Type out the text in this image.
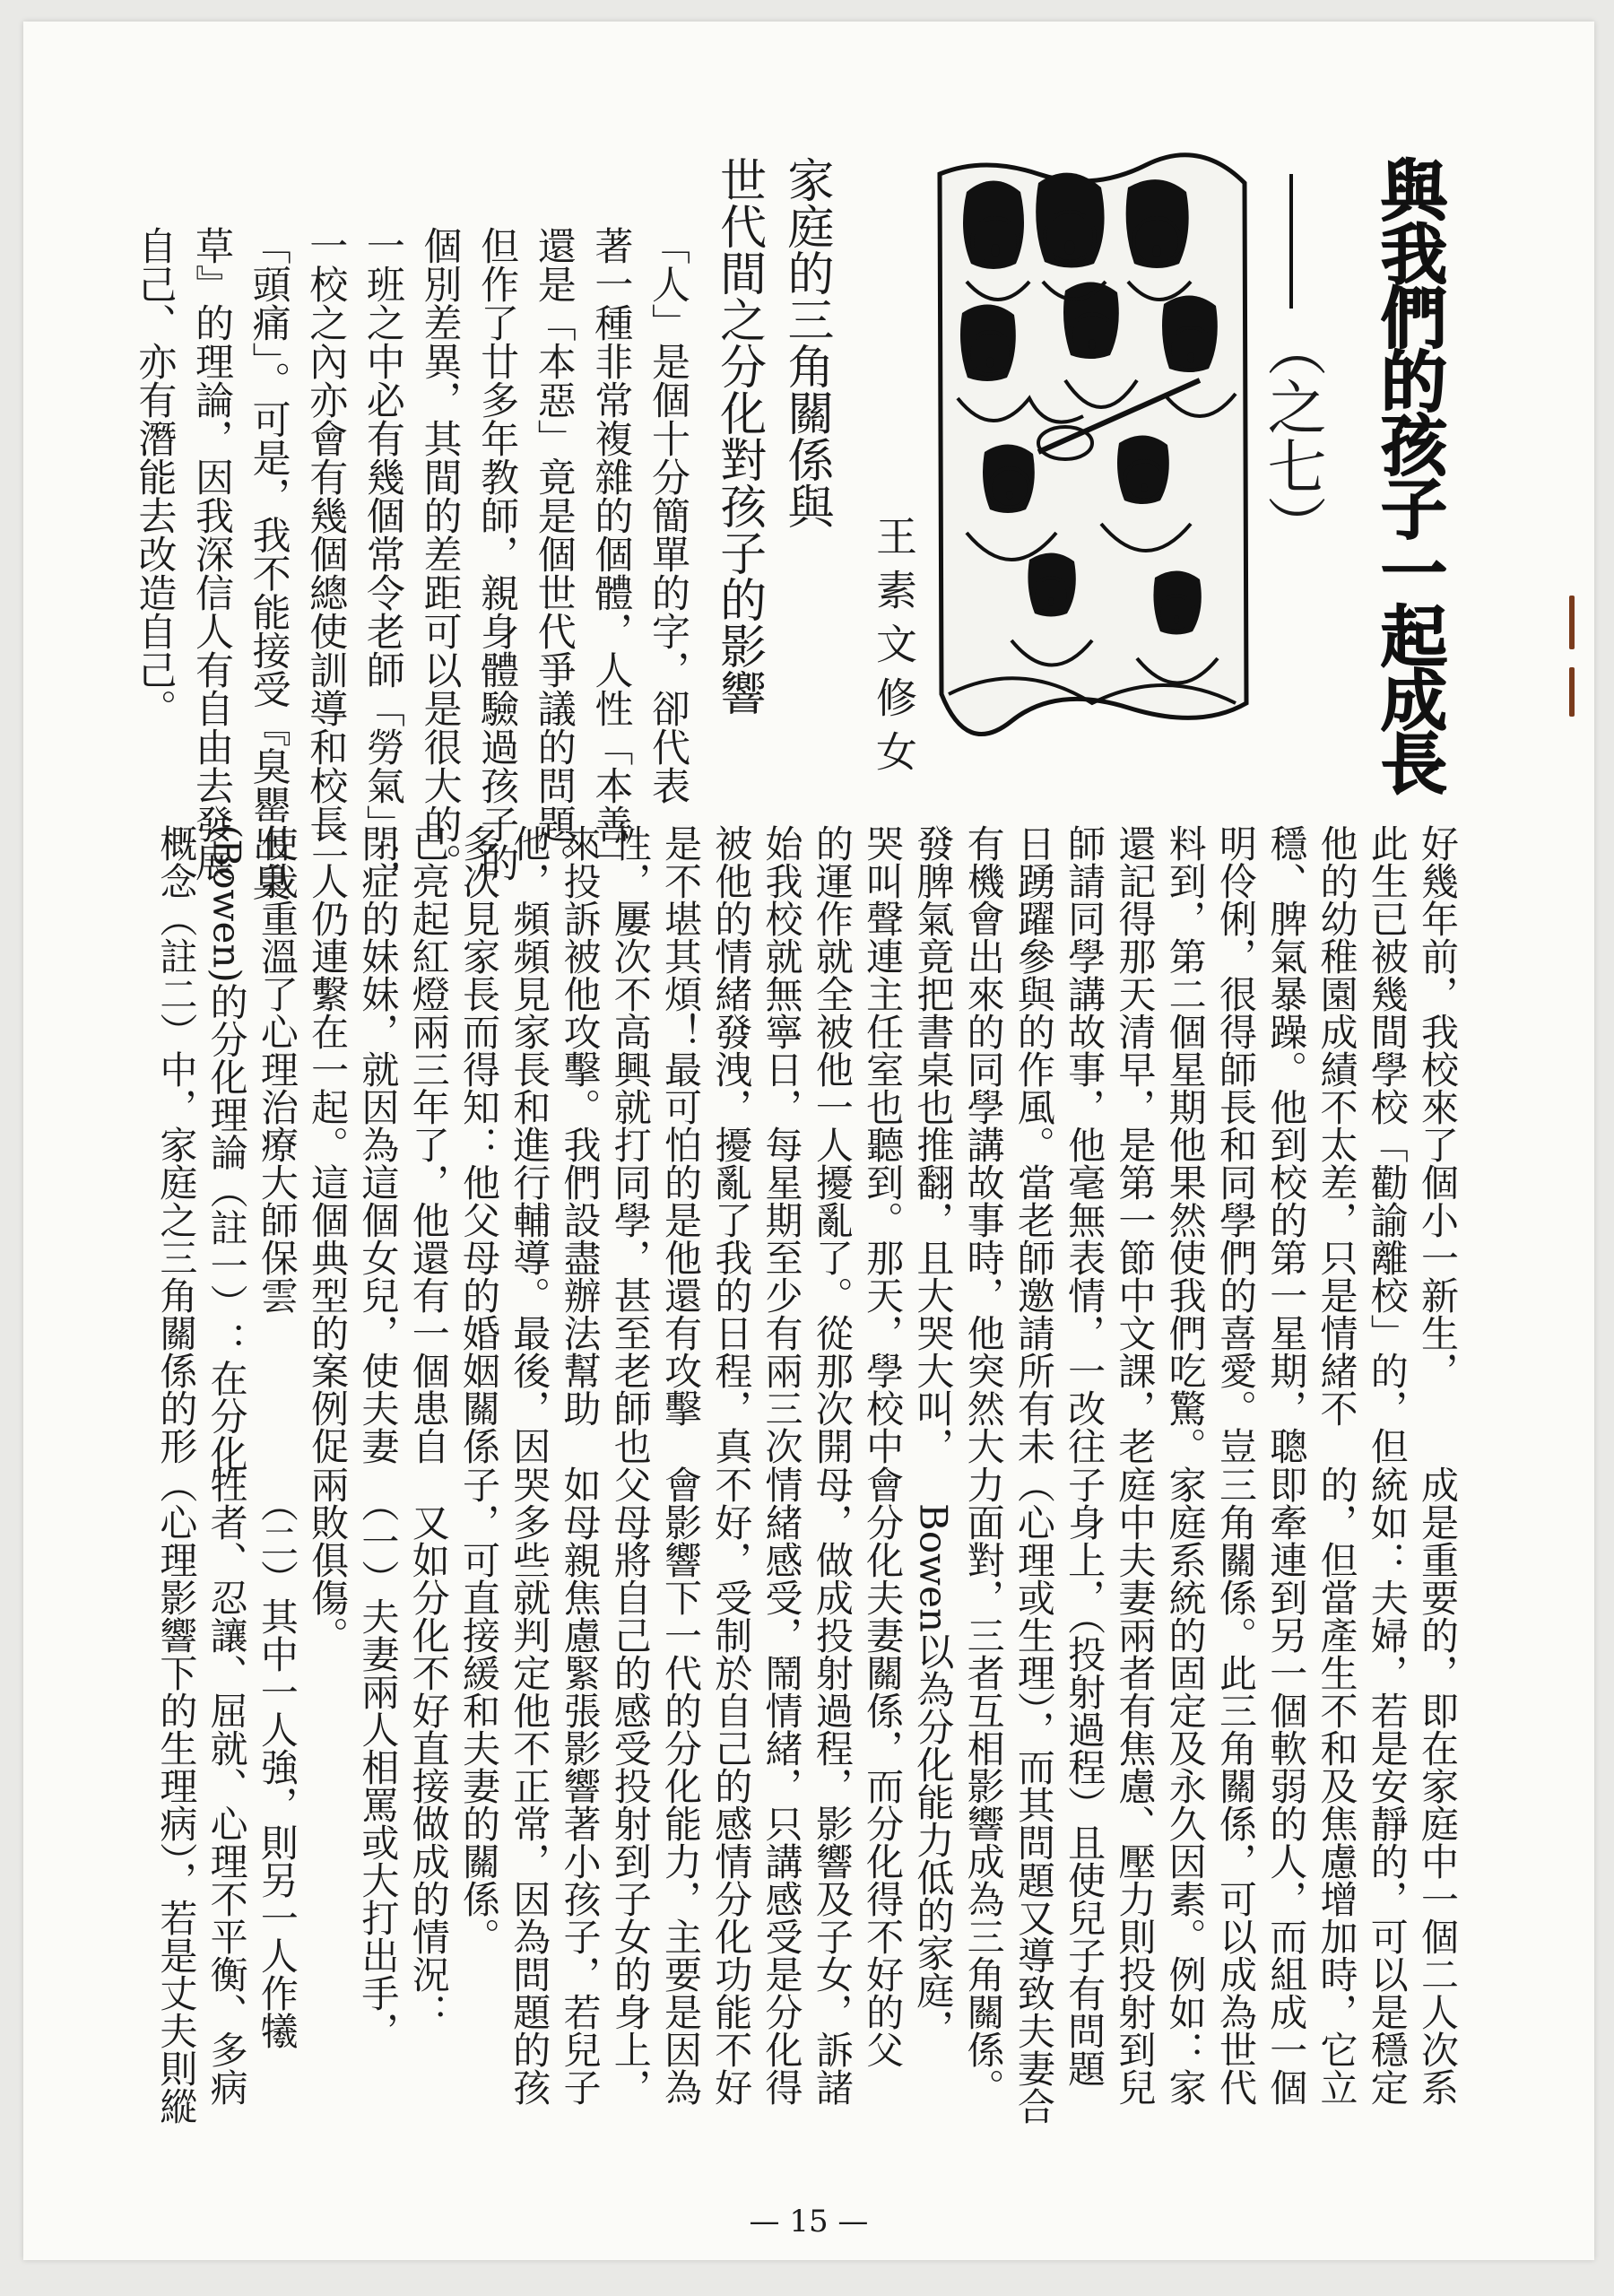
與我們的孩子一起成長
（之七）
王素文修女
家庭的三角關係與
世代間之分化對孩子的影響
「人」是個十分簡單的字，卻代表
著一種非常複雜的個體，人性「本善」
還是「本惡」竟是個世代爭議的問題。
但作了廿多年教師，親身體驗過孩子的
個別差異，其間的差距可以是很大的。
一班之中必有幾個常令老師「勞氣」；
一校之內亦會有幾個總使訓導和校長
「頭痛」。可是，我不能接受『臭罌出臭
草』的理論，因我深信人有自由去發展
自己、亦有潛能去改造自己。
好幾年前，我校來了個小一新生，
此生已被幾間學校「勸諭離校」的，但
他的幼稚園成績不太差，只是情緒不
穩、脾氣暴躁。他到校的第一星期，聰
明伶俐，很得師長和同學們的喜愛。豈
料到，第二個星期他果然使我們吃驚。
還記得那天清早，是第一節中文課，老
師請同學講故事，他毫無表情，一改往
日踴躍參與的作風。當老師邀請所有未
有機會出來的同學講故事時，他突然大
發脾氣竟把書桌也推翻，且大哭大叫，
哭叫聲連主任室也聽到。那天，學校中
的運作就全被他一人擾亂了。從那次開
始我校就無寧日，每星期至少有兩三次
被他的情緒發洩，擾亂了我的日程，真
是不堪其煩！最可怕的是他還有攻擊
性，屢次不高興就打同學，甚至老師也
來投訴被他攻擊。我們設盡辦法幫助
他，頻頻見家長和進行輔導。最後，因
多次見家長而得知：他父母的婚姻關係
已亮起紅燈兩三年了，他還有一個患自
閉症的妹妹，就因為這個女兒，使夫妻
二人仍連繫在一起。這個典型的案例促
使我重溫了心理治療大師保雲
(Bowen)的分化理論（註一）：在分化
概念（註二）中，家庭之三角關係的形
成是重要的，即在家庭中一個二人次系
統如：夫婦，若是安靜的，可以是穩定
的，但當產生不和及焦慮增加時，它立
即牽連到另一個軟弱的人，而組成一個
三角關係。此三角關係，可以成為世代
家庭系統的固定及永久因素。例如：家
庭中夫妻兩者有焦慮、壓力則投射到兒
子身上，（投射過程）且使兒子有問題
（心理或生理），而其問題又導致夫妻合
力面對，三者互相影響成為三角關係。
　Bowen以為分化能力低的家庭，
會分化夫妻關係，而分化得不好的父
母，做成投射過程，影響及子女，訴諸
情緒感受，鬧情緒，只講感受是分化得
不好，受制於自己的感情分化功能不好
會影響下一代的分化能力，主要是因為
父母將自己的感受投射到子女的身上，
如母親焦慮緊張影響著小孩子，若兒子
哭多些就判定他不正常，因為問題的孩
子，可直接緩和夫妻的關係。
　又如分化不好直接做成的情況：
　（一）夫妻兩人相罵或大打出手，
兩敗俱傷。
　（二）其中一人強，則另一人作犧
牲者、忍讓、屈就、心理不平衡、多病
（心理影響下的生理病），若是丈夫則縱
— 15 —
